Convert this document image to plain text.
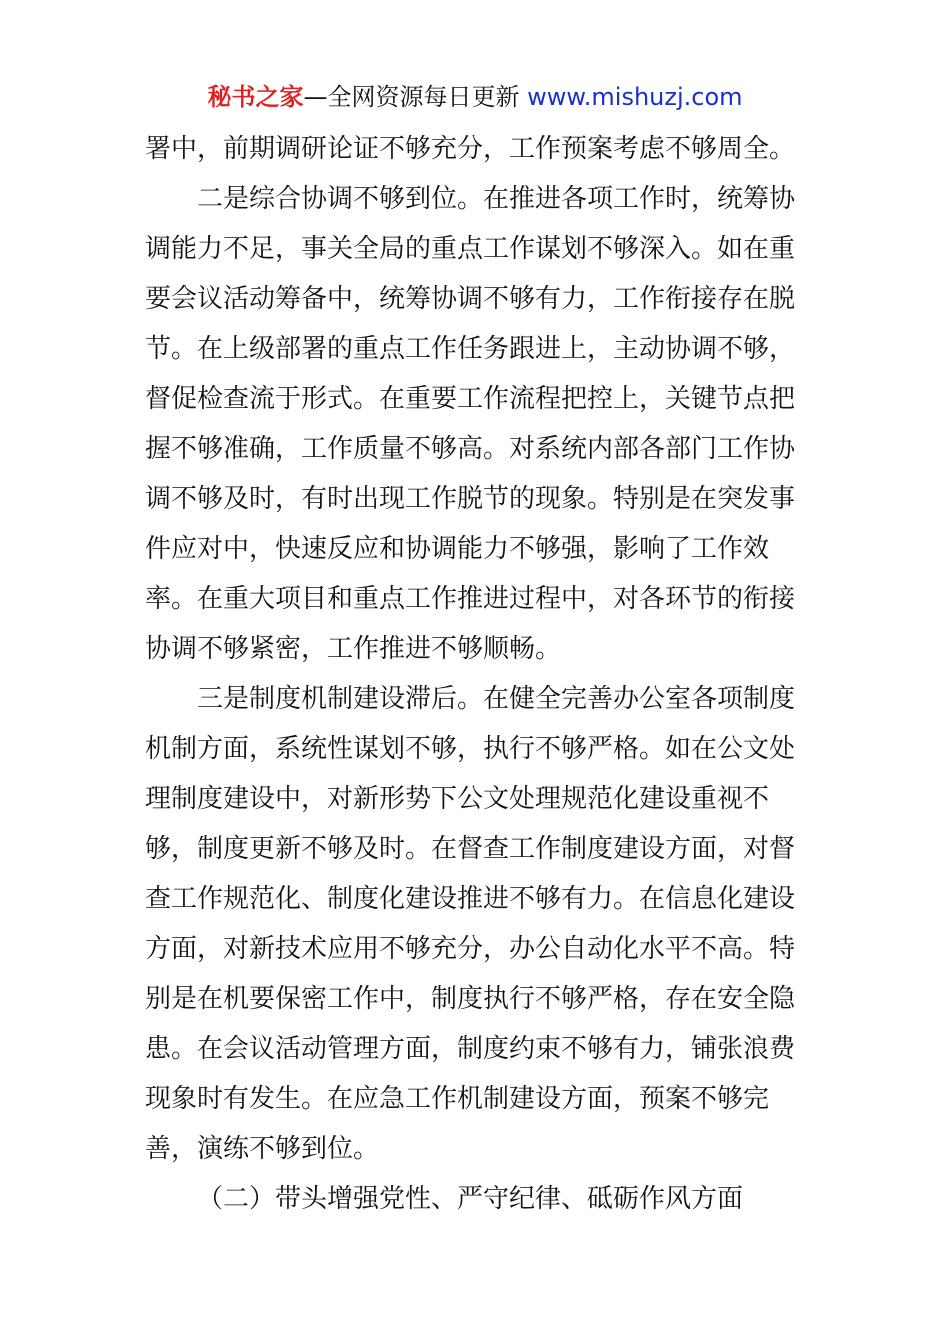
秘书之家—全网资源每日更新 www.mishuzj.com
署中，前期调研论证不够充分，工作预案考虑不够周全。
二是综合协调不够到位。在推进各项工作时，统筹协
调能力不足，事关全局的重点工作谋划不够深入。如在重
要会议活动筹备中，统筹协调不够有力，工作衔接存在脱
节。在上级部署的重点工作任务跟进上，主动协调不够，
督促检查流于形式。在重要工作流程把控上，关键节点把
握不够准确，工作质量不够高。对系统内部各部门工作协
调不够及时，有时出现工作脱节的现象。特别是在突发事
件应对中，快速反应和协调能力不够强，影响了工作效
率。在重大项目和重点工作推进过程中，对各环节的衔接
协调不够紧密，工作推进不够顺畅。
三是制度机制建设滞后。在健全完善办公室各项制度
机制方面，系统性谋划不够，执行不够严格。如在公文处
理制度建设中，对新形势下公文处理规范化建设重视不
够，制度更新不够及时。在督查工作制度建设方面，对督
查工作规范化、制度化建设推进不够有力。在信息化建设
方面，对新技术应用不够充分，办公自动化水平不高。特
别是在机要保密工作中，制度执行不够严格，存在安全隐
患。在会议活动管理方面，制度约束不够有力，铺张浪费
现象时有发生。在应急工作机制建设方面，预案不够完
善，演练不够到位。
（二）带头增强党性、严守纪律、砥砺作风方面
